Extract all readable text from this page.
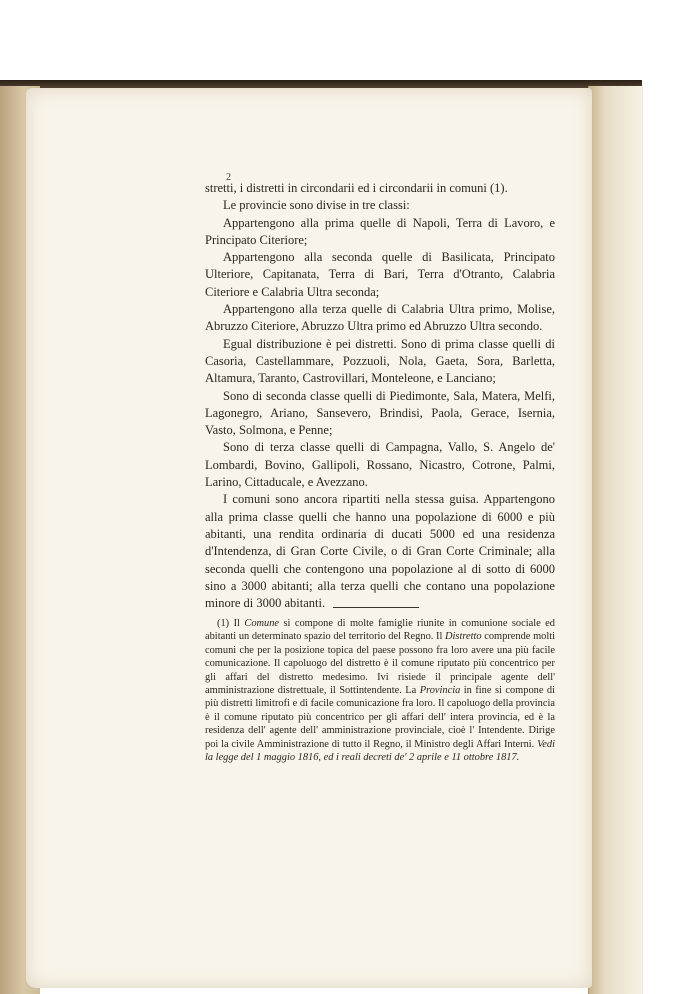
2

stretti, i distretti in circondarii ed i circondarii in comuni (1).

Le provincie sono divise in tre classi:

Appartengono alla prima quelle di Napoli, Terra di Lavoro, e Principato Citeriore;

Appartengono alla seconda quelle di Basilicata, Principato Ulteriore, Capitanata, Terra di Bari, Terra d'Otranto, Calabria Citeriore e Calabria Ultra seconda;

Appartengono alla terza quelle di Calabria Ultra primo, Molise, Abruzzo Citeriore, Abruzzo Ultra primo ed Abruzzo Ultra secondo.

Egual distribuzione è pei distretti. Sono di prima classe quelli di Casoria, Castellammare, Pozzuoli, Nola, Gaeta, Sora, Barletta, Altamura, Taranto, Castrovillari, Monteleone, e Lanciano;

Sono di seconda classe quelli di Piedimonte, Sala, Matera, Melfi, Lagonegro, Ariano, Sansevero, Brindisi, Paola, Gerace, Isernia, Vasto, Solmona, e Penne;

Sono di terza classe quelli di Campagna, Vallo, S. Angelo de' Lombardi, Bovino, Gallipoli, Rossano, Nicastro, Cotrone, Palmi, Larino, Cittaducale, e Avezzano.

I comuni sono ancora ripartiti nella stessa guisa. Appartengono alla prima classe quelli che hanno una popolazione di 6000 e più abitanti, una rendita ordinaria di ducati 5000 ed una residenza d'Intendenza, di Gran Corte Civile, o di Gran Corte Criminale; alla seconda quelli che contengono una popolazione al di sotto di 6000 sino a 3000 abitanti; alla terza quelli che contano una popolazione minore di 3000 abitanti.

(1) Il Comune si compone di molte famiglie riunite in comunione sociale ed abitanti un determinato spazio del territorio del Regno. Il Distretto comprende molti comuni che per la posizione topica del paese possono fra loro avere una più facile comunicazione. Il capoluogo del distretto è il comune riputato più concentrico per gli affari del distretto medesimo. Ivi risiede il principale agente dell' amministrazione distrettuale, il Sottintendente. La Provincia in fine si compone di più distretti limitrofi e di facile comunicazione fra loro. Il capoluogo della provincia è il comune riputato più concentrico per gli affari dell' intera provincia, ed è la residenza dell' agente dell' amministrazione provinciale, cioè l' Intendente. Dirige poi la civile Amministrazione di tutto il Regno, il Ministro degli Affari Interni. Vedi la legge del 1 maggio 1816, ed i reali decreti de' 2 aprile e 11 ottobre 1817.
